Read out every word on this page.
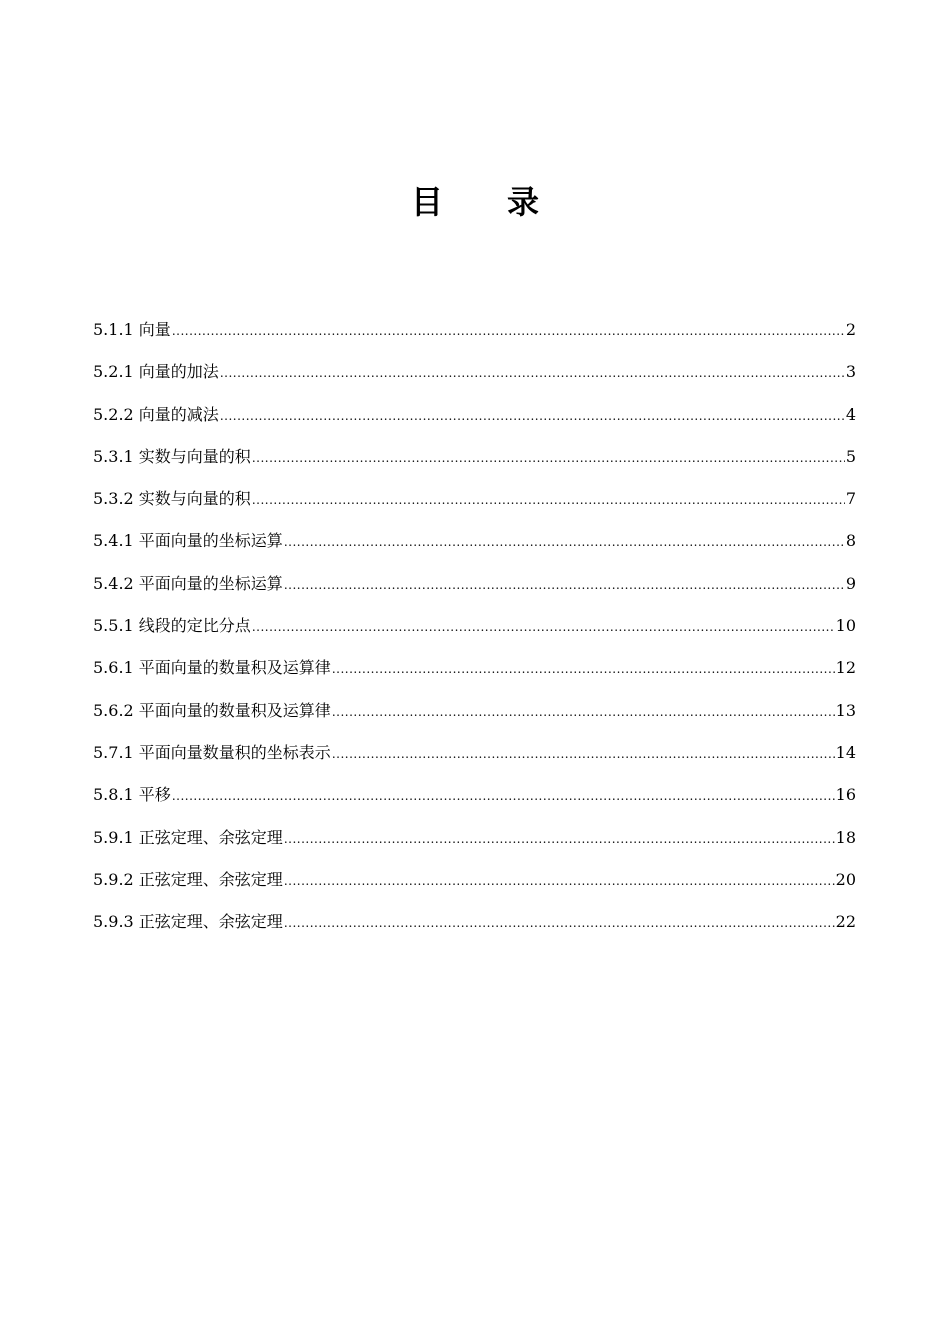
目　　录
5.1.1 向量 .....	2
5.2.1 向量的加法 .....	3
5.2.2 向量的减法 .....	4
5.3.1 实数与向量的积 .....	5
5.3.2 实数与向量的积 .....	7
5.4.1 平面向量的坐标运算 .....	8
5.4.2 平面向量的坐标运算 .....	9
5.5.1 线段的定比分点 .....	10
5.6.1 平面向量的数量积及运算律 .....	12
5.6.2 平面向量的数量积及运算律 .....	13
5.7.1 平面向量数量积的坐标表示 .....	14
5.8.1 平移 .....	16
5.9.1 正弦定理、余弦定理 .....	18
5.9.2 正弦定理、余弦定理 .....	20
5.9.3 正弦定理、余弦定理 .....	22
